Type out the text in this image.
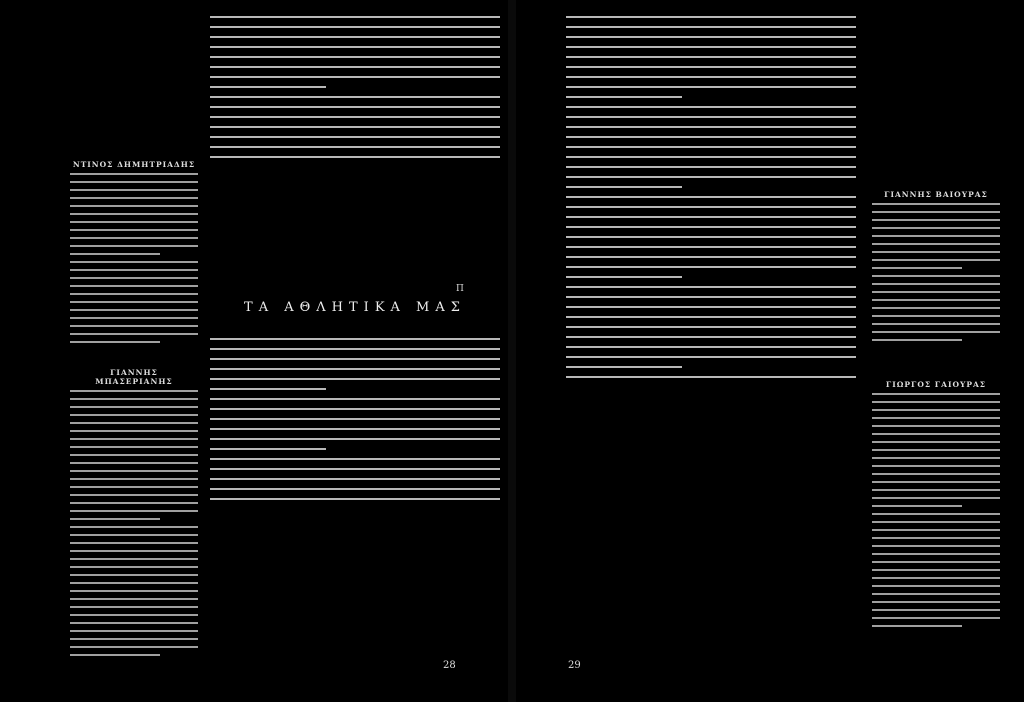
ΝΤΙΝΟΣ ΔΗΜΗΤΡΙΑΔΗΣ
ΓΙΑΝΝΗΣ ΜΠΑΣΕΡΙΑΝΗΣ
Π
ΤΑ ΑΘΛΗΤΙΚΑ ΜΑΣ
28
ΓΙΑΝΝΗΣ ΒΑΙΟΥΡΑΣ
ΓΙΩΡΓΟΣ ΓΑΙΟΥΡΑΣ
29
